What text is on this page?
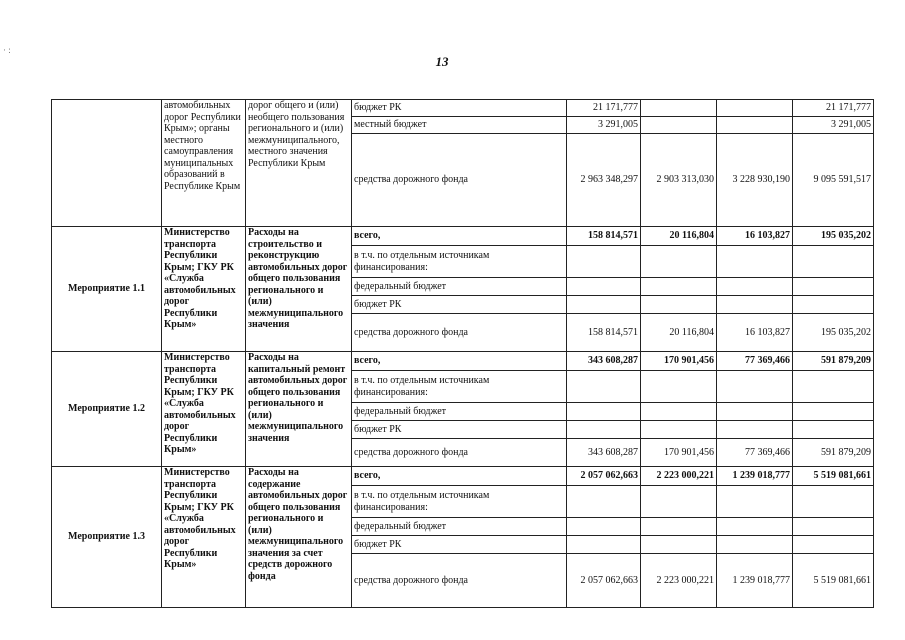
· :
13
	автомобильных дорог Республики Крым»; органы местного самоуправления муниципальных образований в Республике Крым	дорог общего и (или) необщего пользования регионального и (или) межмуниципального, местного значения Республики Крым	бюджет РК	21 171,777			21 171,777
			местный бюджет	3 291,005			3 291,005
			средства дорожного фонда	2 963 348,297	2 903 313,030	3 228 930,190	9 095 591,517
Мероприятие 1.1	Министерство транспорта Республики Крым; ГКУ РК «Служба автомобильных дорог Республики Крым»	Расходы на строительство и реконструкцию автомобильных дорог общего пользования регионального и (или) межмуниципального значения	всего,	158 814,571	20 116,804	16 103,827	195 035,202
			в т.ч. по отдельным источникам финансирования:				
			федеральный бюджет				
			бюджет РК				
			средства дорожного фонда	158 814,571	20 116,804	16 103,827	195 035,202
Мероприятие 1.2	Министерство транспорта Республики Крым; ГКУ РК «Служба автомобильных дорог Республики Крым»	Расходы на капитальный ремонт автомобильных дорог общего пользования регионального и (или) межмуниципального значения	всего,	343 608,287	170 901,456	77 369,466	591 879,209
			в т.ч. по отдельным источникам финансирования:				
			федеральный бюджет				
			бюджет РК				
			средства дорожного фонда	343 608,287	170 901,456	77 369,466	591 879,209
Мероприятие 1.3	Министерство транспорта Республики Крым; ГКУ РК «Служба автомобильных дорог Республики Крым»	Расходы на содержание автомобильных дорог общего пользования регионального и (или) межмуниципального значения за счет средств дорожного фонда	всего,	2 057 062,663	2 223 000,221	1 239 018,777	5 519 081,661
			в т.ч. по отдельным источникам финансирования:				
			федеральный бюджет				
			бюджет РК				
			средства дорожного фонда	2 057 062,663	2 223 000,221	1 239 018,777	5 519 081,661
